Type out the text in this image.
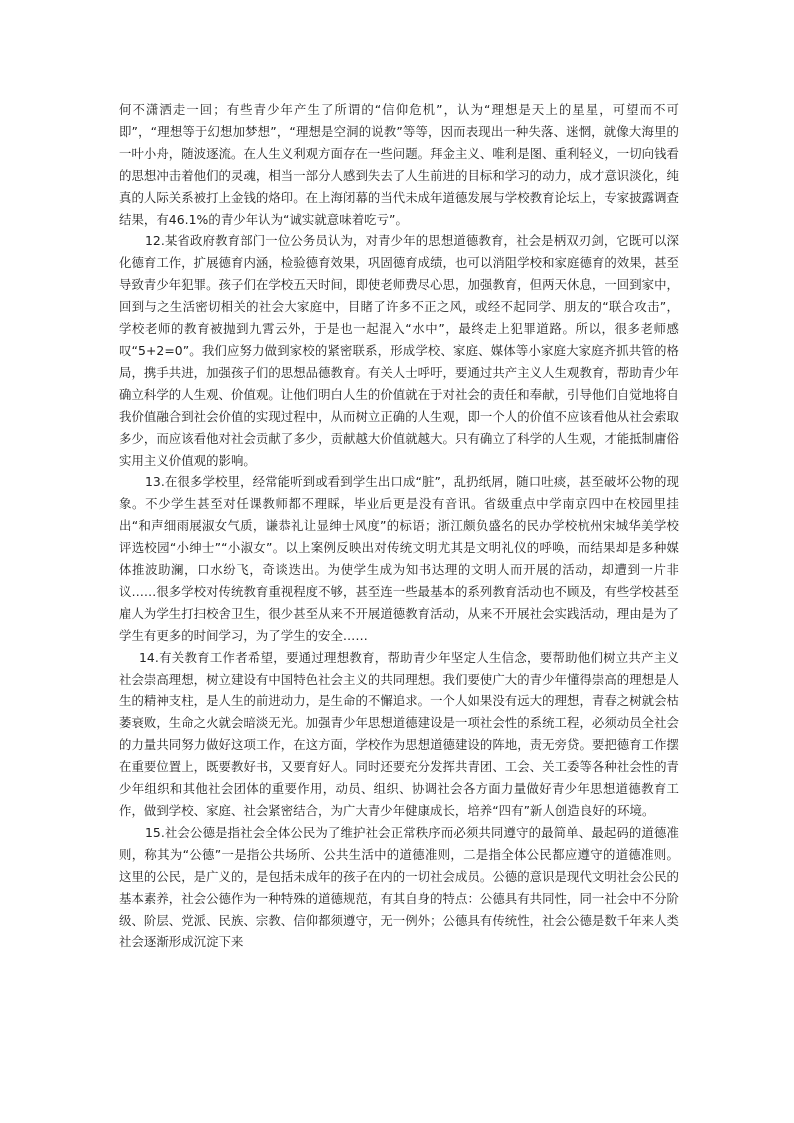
何不潇洒走一回；有些青少年产生了所谓的“信仰危机”，认为“理想是天上的星星，可望而不可即”，“理想等于幻想加梦想”，“理想是空洞的说教”等等，因而表现出一种失落、迷惘，就像大海里的一叶小舟，随波逐流。在人生义利观方面存在一些问题。拜金主义、唯利是图、重利轻义，一切向钱看的思想冲击着他们的灵魂，相当一部分人感到失去了人生前进的目标和学习的动力，成才意识淡化，纯真的人际关系被打上金钱的烙印。在上海闭幕的当代未成年道德发展与学校教育论坛上，专家披露调查结果，有46.1%的青少年认为“诚实就意味着吃亏”。

12.某省政府教育部门一位公务员认为，对青少年的思想道德教育，社会是柄双刃剑，它既可以深化德育工作，扩展德育内涵，检验德育效果，巩固德育成绩，也可以消阻学校和家庭德育的效果，甚至导致青少年犯罪。孩子们在学校五天时间，即使老师费尽心思，加强教育，但两天休息，一回到家中，回到与之生活密切相关的社会大家庭中，目睹了许多不正之风，或经不起同学、朋友的“联合攻击”，学校老师的教育被抛到九霄云外，于是也一起混入“水中”，最终走上犯罪道路。所以，很多老师感叹“5+2=0”。我们应努力做到家校的紧密联系，形成学校、家庭、媒体等小家庭大家庭齐抓共管的格局，携手共进，加强孩子们的思想品德教育。有关人士呼吁，要通过共产主义人生观教育，帮助青少年确立科学的人生观、价值观。让他们明白人生的价值就在于对社会的责任和奉献，引导他们自觉地将自我价值融合到社会价值的实现过程中，从而树立正确的人生观，即一个人的价值不应该看他从社会索取多少，而应该看他对社会贡献了多少，贡献越大价值就越大。只有确立了科学的人生观，才能抵制庸俗实用主义价值观的影响。

13.在很多学校里，经常能听到或看到学生出口成“脏”，乱扔纸屑，随口吐痰，甚至破坏公物的现象。不少学生甚至对任课教师都不理睬，毕业后更是没有音讯。省级重点中学南京四中在校园里挂出“和声细雨展淑女气质，谦恭礼让显绅士风度”的标语；浙江颇负盛名的民办学校杭州宋城华美学校评选校园“小绅士”“小淑女”。以上案例反映出对传统文明尤其是文明礼仪的呼唤，而结果却是多种媒体推波助澜，口水纷飞，奇谈迭出。为使学生成为知书达理的文明人而开展的活动，却遭到一片非议……很多学校对传统教育重视程度不够，甚至连一些最基本的系列教育活动也不顾及，有些学校甚至雇人为学生打扫校舍卫生，很少甚至从来不开展道德教育活动，从来不开展社会实践活动，理由是为了学生有更多的时间学习，为了学生的安全……

14.有关教育工作者希望，要通过理想教育，帮助青少年坚定人生信念，要帮助他们树立共产主义社会崇高理想，树立建设有中国特色社会主义的共同理想。我们要使广大的青少年懂得崇高的理想是人生的精神支柱，是人生的前进动力，是生命的不懈追求。一个人如果没有远大的理想，青春之树就会枯萎衰败，生命之火就会暗淡无光。加强青少年思想道德建设是一项社会性的系统工程，必须动员全社会的力量共同努力做好这项工作，在这方面，学校作为思想道德建设的阵地，责无旁贷。要把德育工作摆在重要位置上，既要教好书，又要育好人。同时还要充分发挥共青团、工会、关工委等各种社会性的青少年组织和其他社会团体的重要作用，动员、组织、协调社会各方面力量做好青少年思想道德教育工作，做到学校、家庭、社会紧密结合，为广大青少年健康成长，培养“四有”新人创造良好的环境。

15.社会公德是指社会全体公民为了维护社会正常秩序而必须共同遵守的最简单、最起码的道德准则，称其为“公德”一是指公共场所、公共生活中的道德准则，二是指全体公民都应遵守的道德准则。这里的公民，是广义的，是包括未成年的孩子在内的一切社会成员。公德的意识是现代文明社会公民的基本素养，社会公德作为一种特殊的道德规范，有其自身的特点：公德具有共同性，同一社会中不分阶级、阶层、党派、民族、宗教、信仰都须遵守，无一例外；公德具有传统性，社会公德是数千年来人类社会逐渐形成沉淀下来
